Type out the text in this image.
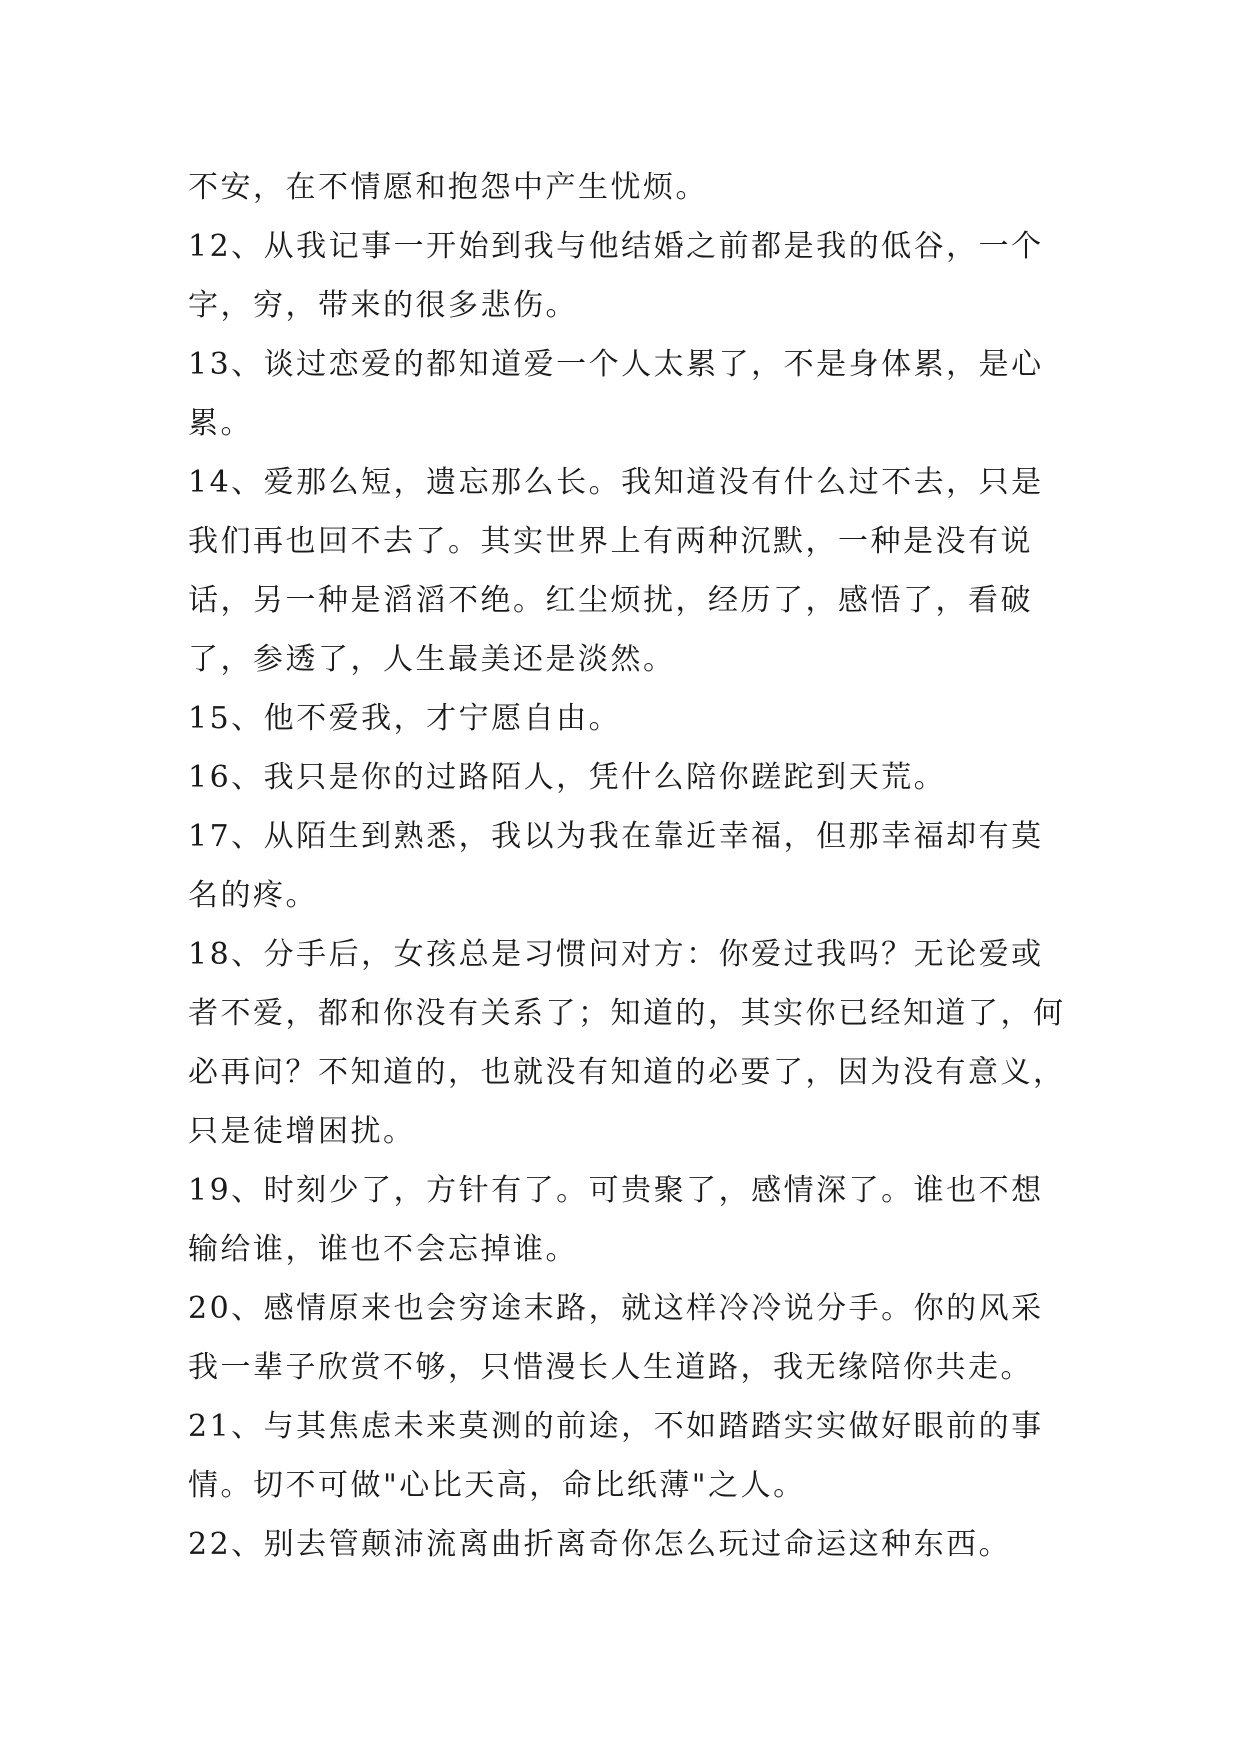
不安，在不情愿和抱怨中产生忧烦。

12、从我记事一开始到我与他结婚之前都是我的低谷，一个字，穷，带来的很多悲伤。

13、谈过恋爱的都知道爱一个人太累了，不是身体累，是心累。

14、爱那么短，遗忘那么长。我知道没有什么过不去，只是我们再也回不去了。其实世界上有两种沉默，一种是没有说话，另一种是滔滔不绝。红尘烦扰，经历了，感悟了，看破了，参透了，人生最美还是淡然。

15、他不爱我，才宁愿自由。

16、我只是你的过路陌人，凭什么陪你蹉跎到天荒。

17、从陌生到熟悉，我以为我在靠近幸福，但那幸福却有莫名的疼。

18、分手后，女孩总是习惯问对方：你爱过我吗？无论爱或者不爱，都和你没有关系了；知道的，其实你已经知道了，何必再问？不知道的，也就没有知道的必要了，因为没有意义，只是徒增困扰。

19、时刻少了，方针有了。可贵聚了，感情深了。谁也不想输给谁，谁也不会忘掉谁。

20、感情原来也会穷途末路，就这样冷冷说分手。你的风采我一辈子欣赏不够，只惜漫长人生道路，我无缘陪你共走。

21、与其焦虑未来莫测的前途，不如踏踏实实做好眼前的事情。切不可做"心比天高，命比纸薄"之人。

22、别去管颠沛流离曲折离奇你怎么玩过命运这种东西。
